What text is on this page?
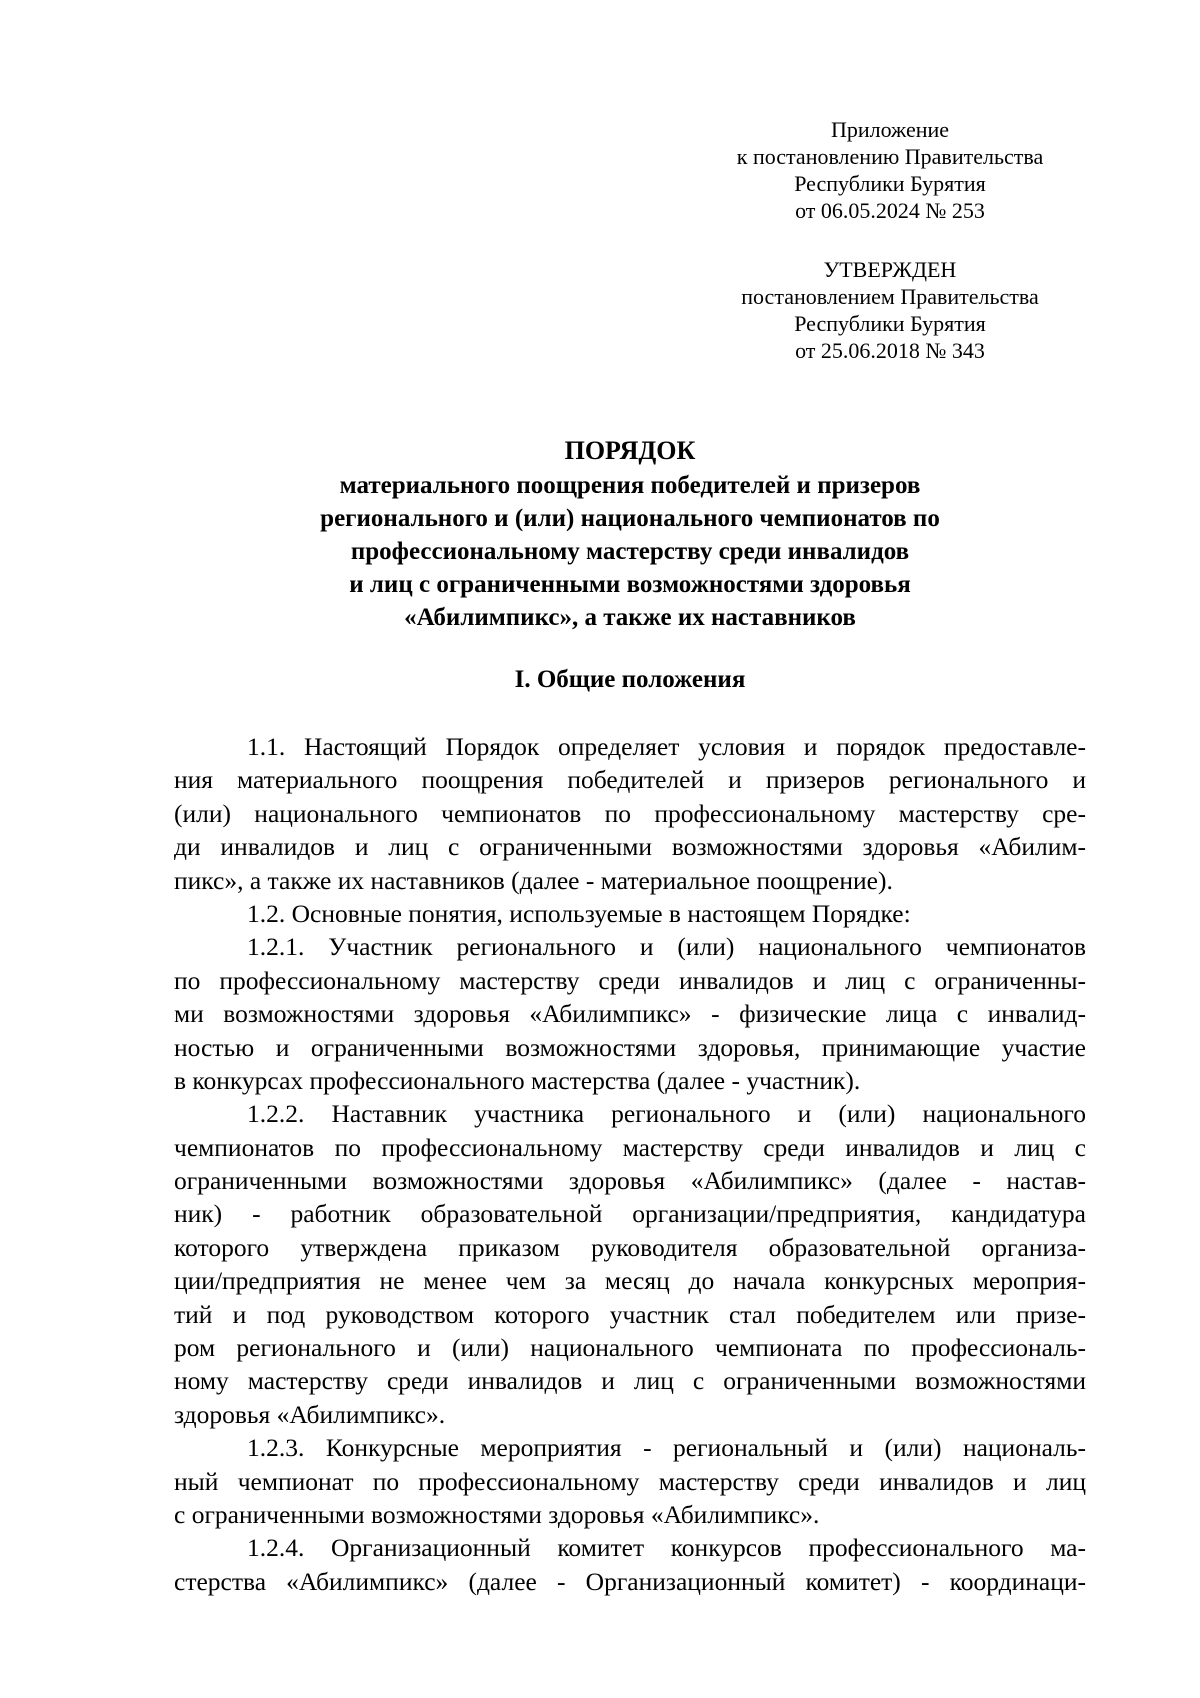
Приложение
к постановлению Правительства
Республики Бурятия
от 06.05.2024 № 253
УТВЕРЖДЕН
постановлением Правительства
Республики Бурятия
от 25.06.2018 № 343
ПОРЯДОК
материального поощрения победителей и призеров
регионального и (или) национального чемпионатов по
профессиональному мастерству среди инвалидов
и лиц с ограниченными возможностями здоровья
«Абилимпикс», а также их наставников
I. Общие положения
1.1. Настоящий Порядок определяет условия и порядок предоставле-
ния материального поощрения победителей и призеров регионального и
(или) национального чемпионатов по профессиональному мастерству сре-
ди инвалидов и лиц с ограниченными возможностями здоровья «Абилим-
пикс», а также их наставников (далее - материальное поощрение).
1.2. Основные понятия, используемые в настоящем Порядке:
1.2.1. Участник регионального и (или) национального чемпионатов
по профессиональному мастерству среди инвалидов и лиц с ограниченны-
ми возможностями здоровья «Абилимпикс» - физические лица с инвалид-
ностью и ограниченными возможностями здоровья, принимающие участие
в конкурсах профессионального мастерства (далее - участник).
1.2.2. Наставник участника регионального и (или) национального
чемпионатов по профессиональному мастерству среди инвалидов и лиц с
ограниченными возможностями здоровья «Абилимпикс» (далее - настав-
ник) - работник образовательной организации/предприятия, кандидатура
которого утверждена приказом руководителя образовательной организа-
ции/предприятия не менее чем за месяц до начала конкурсных мероприя-
тий и под руководством которого участник стал победителем или призе-
ром регионального и (или) национального чемпионата по профессиональ-
ному мастерству среди инвалидов и лиц с ограниченными возможностями
здоровья «Абилимпикс».
1.2.3. Конкурсные мероприятия - региональный и (или) националь-
ный чемпионат по профессиональному мастерству среди инвалидов и лиц
с ограниченными возможностями здоровья «Абилимпикс».
1.2.4. Организационный комитет конкурсов профессионального ма-
стерства «Абилимпикс» (далее - Организационный комитет) - координаци-
